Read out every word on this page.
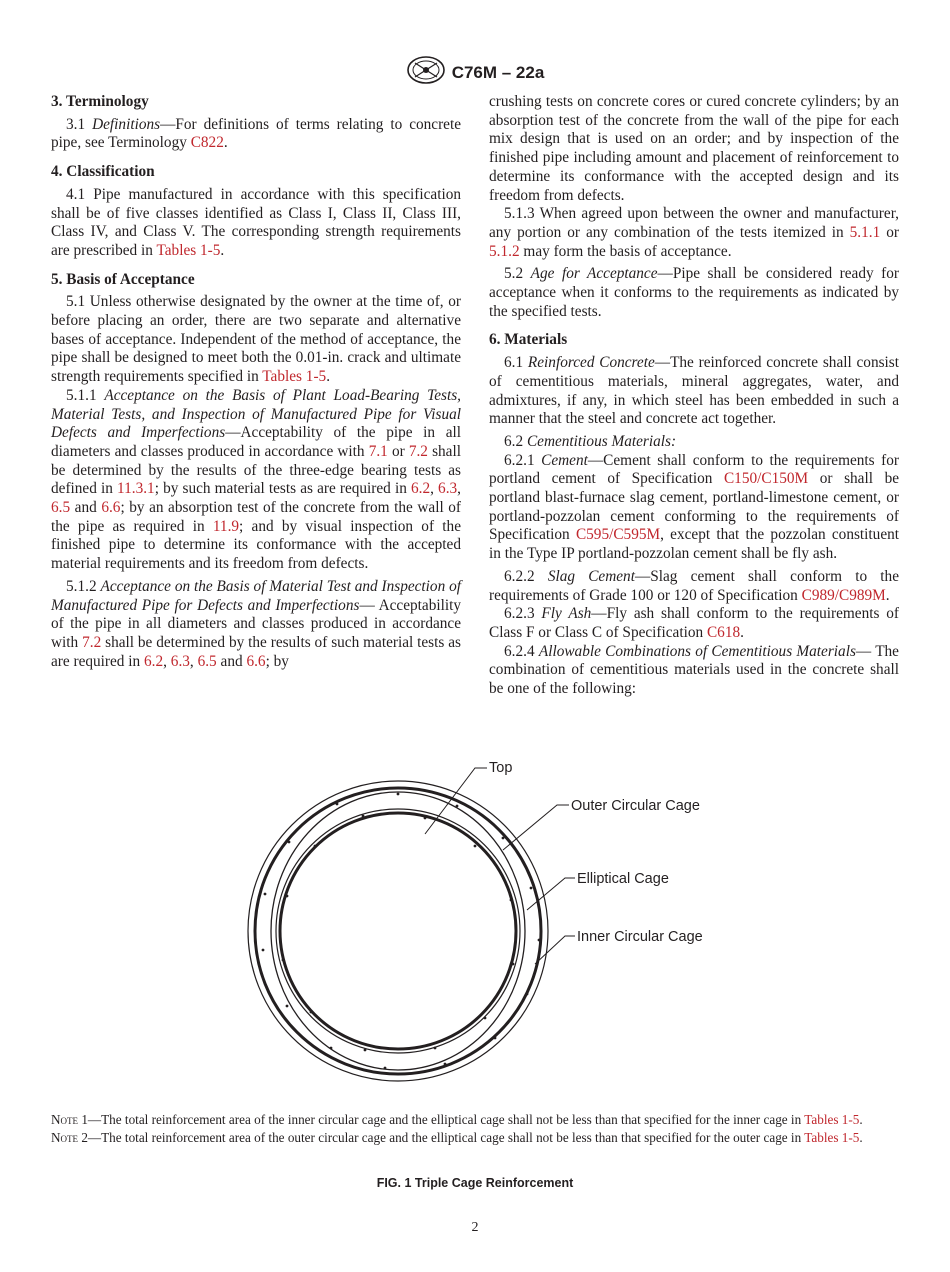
C76M – 22a

3. Terminology

3.1 Definitions—For definitions of terms relating to concrete pipe, see Terminology C822.

4. Classification

4.1 Pipe manufactured in accordance with this specification shall be of five classes identified as Class I, Class II, Class III, Class IV, and Class V. The corresponding strength requirements are prescribed in Tables 1-5.

5. Basis of Acceptance

5.1 Unless otherwise designated by the owner at the time of, or before placing an order, there are two separate and alternative bases of acceptance. Independent of the method of acceptance, the pipe shall be designed to meet both the 0.01-in. crack and ultimate strength requirements specified in Tables 1-5.

5.1.1 Acceptance on the Basis of Plant Load-Bearing Tests, Material Tests, and Inspection of Manufactured Pipe for Visual Defects and Imperfections—Acceptability of the pipe in all diameters and classes produced in accordance with 7.1 or 7.2 shall be determined by the results of the three-edge bearing tests as defined in 11.3.1; by such material tests as are required in 6.2, 6.3, 6.5 and 6.6; by an absorption test of the concrete from the wall of the pipe as required in 11.9; and by visual inspection of the finished pipe to determine its conformance with the accepted material requirements and its freedom from defects.

5.1.2 Acceptance on the Basis of Material Test and Inspection of Manufactured Pipe for Defects and Imperfections— Acceptability of the pipe in all diameters and classes produced in accordance with 7.2 shall be determined by the results of such material tests as are required in 6.2, 6.3, 6.5 and 6.6; by

crushing tests on concrete cores or cured concrete cylinders; by an absorption test of the concrete from the wall of the pipe for each mix design that is used on an order; and by inspection of the finished pipe including amount and placement of reinforcement to determine its conformance with the accepted design and its freedom from defects.

5.1.3 When agreed upon between the owner and manufacturer, any portion or any combination of the tests itemized in 5.1.1 or 5.1.2 may form the basis of acceptance.

5.2 Age for Acceptance—Pipe shall be considered ready for acceptance when it conforms to the requirements as indicated by the specified tests.

6. Materials

6.1 Reinforced Concrete—The reinforced concrete shall consist of cementitious materials, mineral aggregates, water, and admixtures, if any, in which steel has been embedded in such a manner that the steel and concrete act together.

6.2 Cementitious Materials:

6.2.1 Cement—Cement shall conform to the requirements for portland cement of Specification C150/C150M or shall be portland blast-furnace slag cement, portland-limestone cement, or portland-pozzolan cement conforming to the requirements of Specification C595/C595M, except that the pozzolan constituent in the Type IP portland-pozzolan cement shall be fly ash.

6.2.2 Slag Cement—Slag cement shall conform to the requirements of Grade 100 or 120 of Specification C989/C989M.

6.2.3 Fly Ash—Fly ash shall conform to the requirements of Class F or Class C of Specification C618.

6.2.4 Allowable Combinations of Cementitious Materials— The combination of cementitious materials used in the concrete shall be one of the following:

Top
Outer Circular Cage
Elliptical Cage
Inner Circular Cage

Note 1—The total reinforcement area of the inner circular cage and the elliptical cage shall not be less than that specified for the inner cage in Tables 1-5.

Note 2—The total reinforcement area of the outer circular cage and the elliptical cage shall not be less than that specified for the outer cage in Tables 1-5.

FIG. 1 Triple Cage Reinforcement
2
